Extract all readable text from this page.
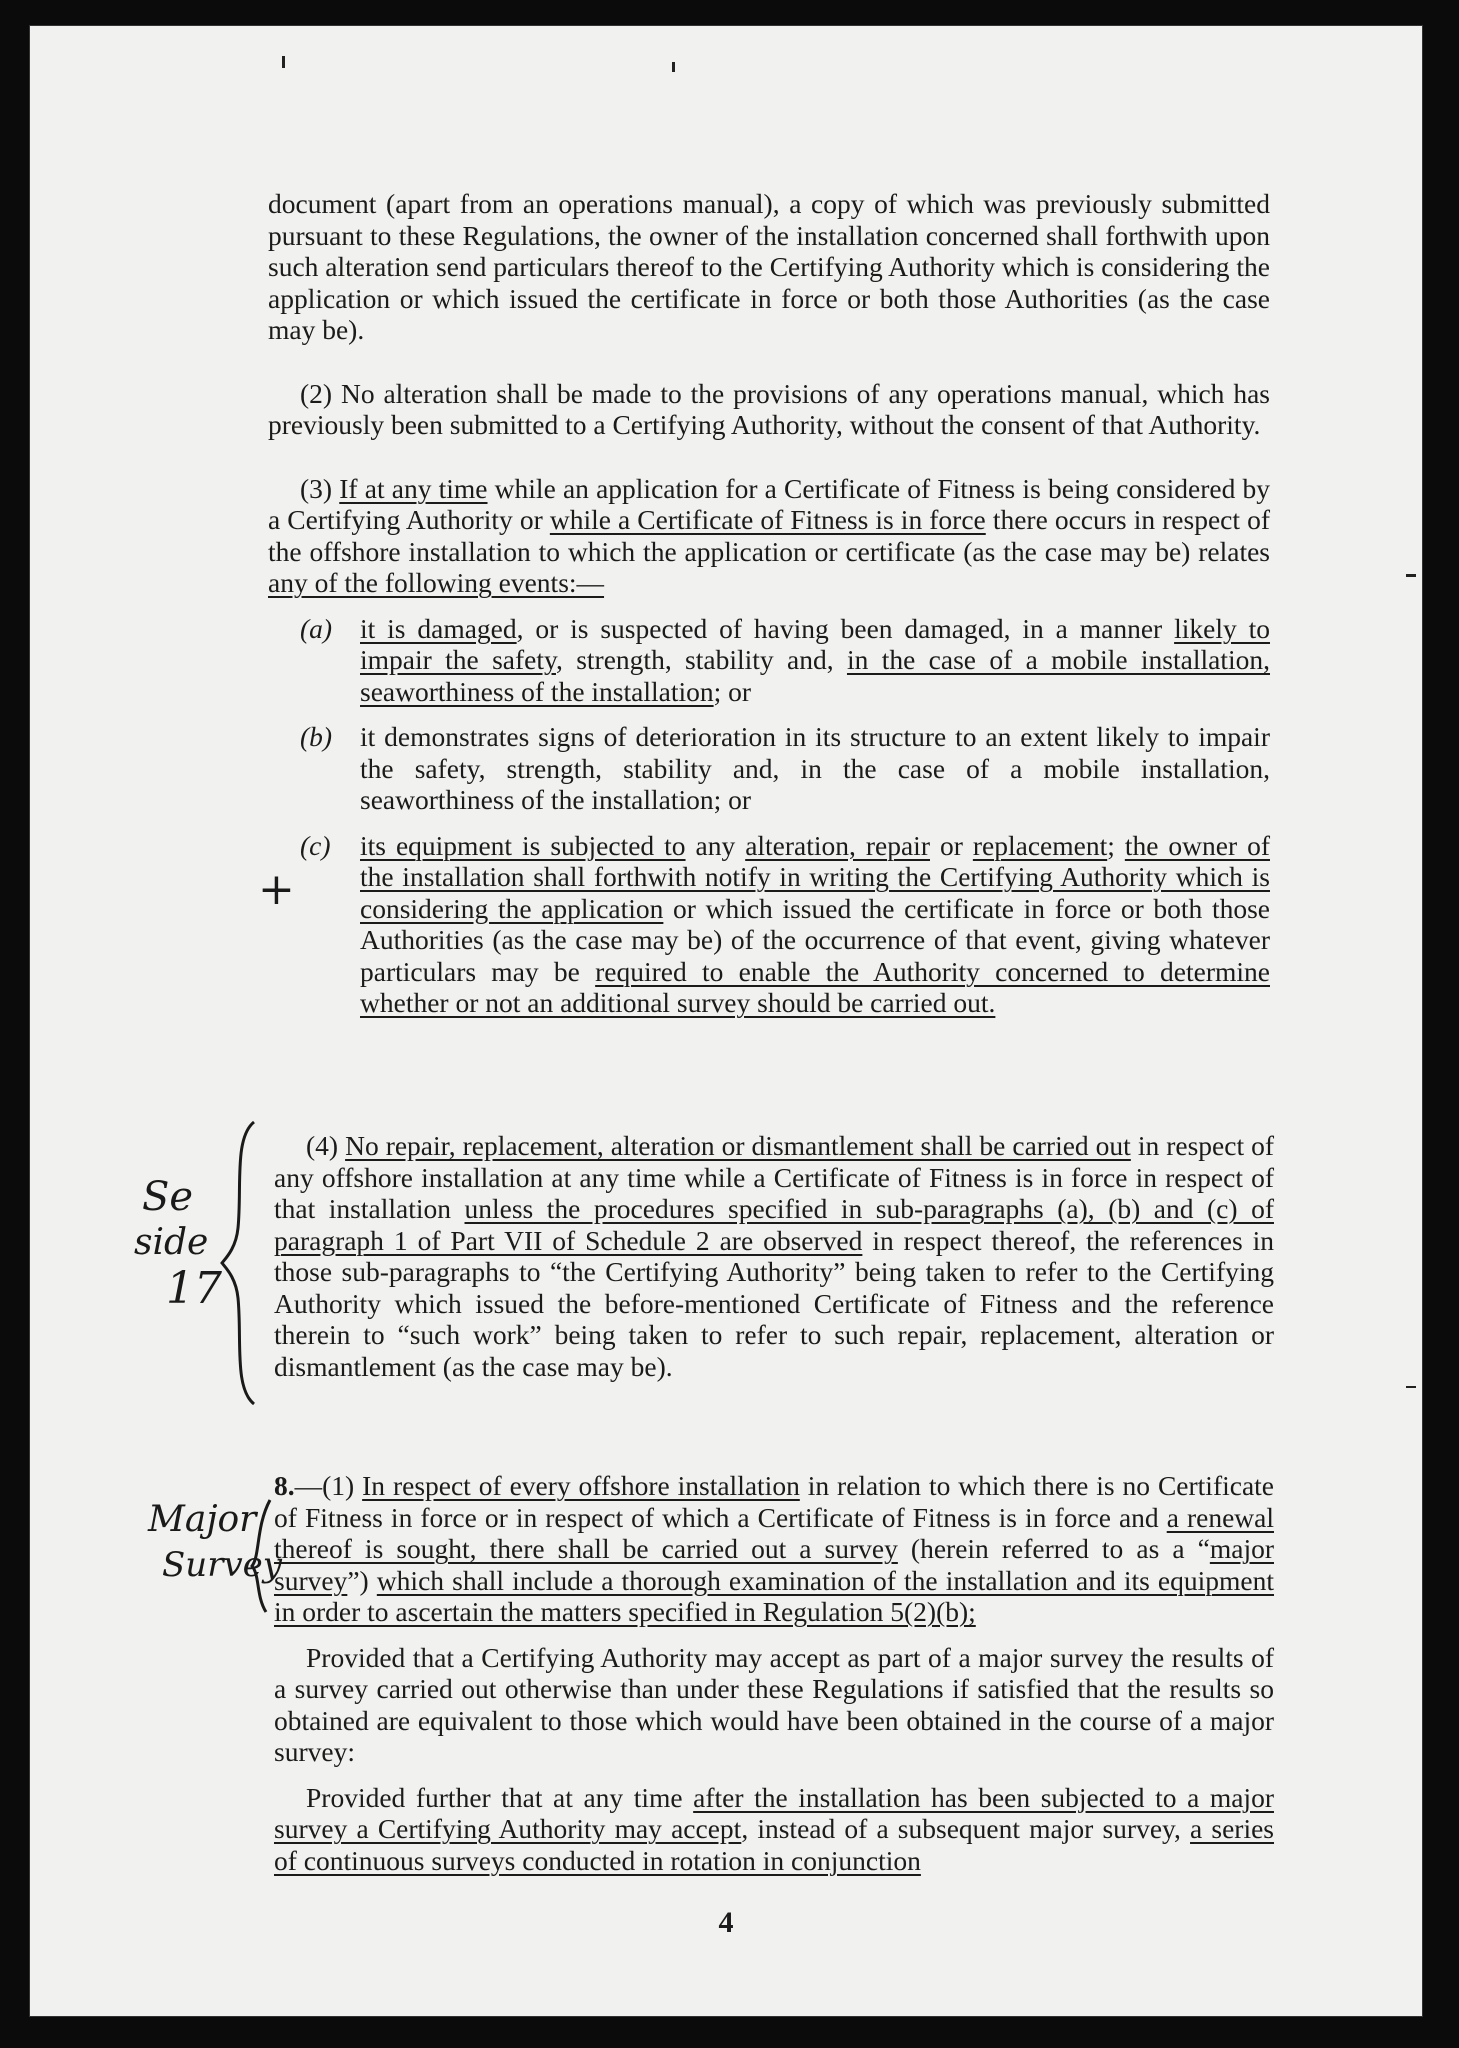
document (apart from an operations manual), a copy of which was previously submitted pursuant to these Regulations, the owner of the installation concerned shall forthwith upon such alteration send particulars thereof to the Certifying Authority which is considering the application or which issued the certificate in force or both those Authorities (as the case may be).

(2) No alteration shall be made to the provisions of any operations manual, which has previously been submitted to a Certifying Authority, without the consent of that Authority.

(3) If at any time while an application for a Certificate of Fitness is being considered by a Certifying Authority or while a Certificate of Fitness is in force there occurs in respect of the offshore installation to which the application or certificate (as the case may be) relates any of the following events:—

(a)	it is damaged, or is suspected of having been damaged, in a manner likely to impair the safety, strength, stability and, in the case of a mobile installation, seaworthiness of the installation; or
(b)	it demonstrates signs of deterioration in its structure to an extent likely to impair the safety, strength, stability and, in the case of a mobile installation, seaworthiness of the installation; or
(c)	its equipment is subjected to any alteration, repair or replacement; the owner of the installation shall forthwith notify in writing the Certifying Authority which is considering the application or which issued the certificate in force or both those Authorities (as the case may be) of the occurrence of that event, giving whatever particulars may be required to enable the Authority concerned to determine whether or not an additional survey should be carried out.

(4) No repair, replacement, alteration or dismantlement shall be carried out in respect of any offshore installation at any time while a Certificate of Fitness is in force in respect of that installation unless the procedures specified in sub-paragraphs (a), (b) and (c) of paragraph 1 of Part VII of Schedule 2 are observed in respect thereof, the references in those sub-paragraphs to “the Certifying Authority” being taken to refer to the Certifying Authority which issued the before-mentioned Certificate of Fitness and the reference therein to “such work” being taken to refer to such repair, replacement, alteration or dismantlement (as the case may be).

8.—(1) In respect of every offshore installation in relation to which there is no Certificate of Fitness in force or in respect of which a Certificate of Fitness is in force and a renewal thereof is sought, there shall be carried out a survey (herein referred to as a “major survey”) which shall include a thorough examination of the installation and its equipment in order to ascertain the matters specified in Regulation 5(2)(b);

Provided that a Certifying Authority may accept as part of a major survey the results of a survey carried out otherwise than under these Regulations if satisfied that the results so obtained are equivalent to those which would have been obtained in the course of a major survey:

Provided further that at any time after the installation has been subjected to a major survey a Certifying Authority may accept, instead of a subsequent major survey, a series of continuous surveys conducted in rotation in conjunction

+
Se
side
17
Major
Survey
4
